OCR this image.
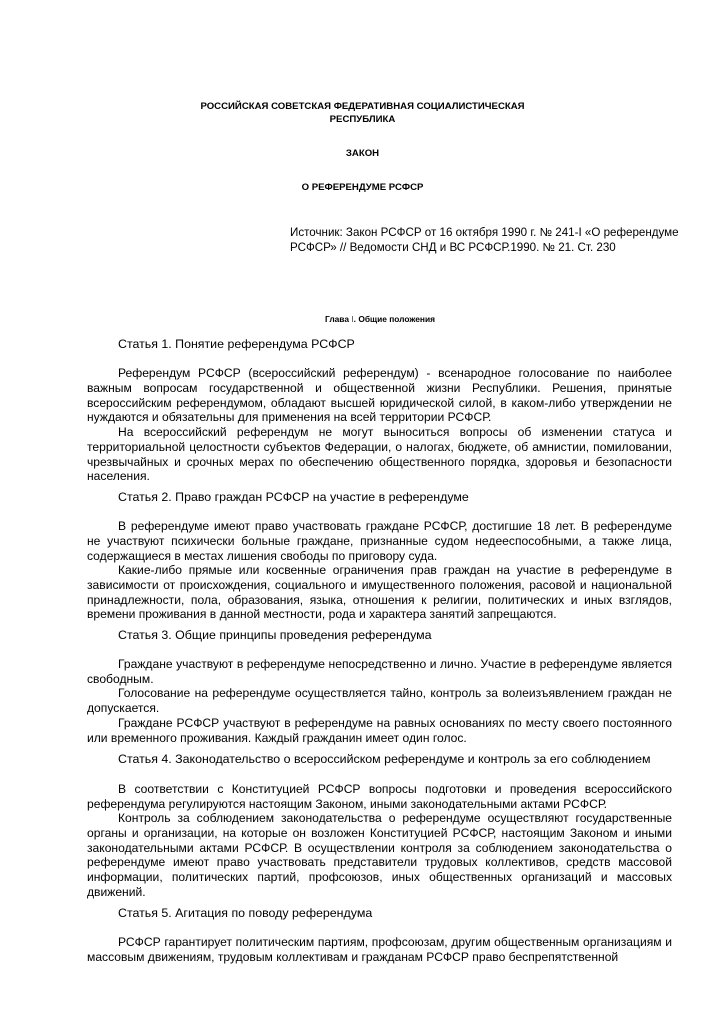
РОССИЙСКАЯ СОВЕТСКАЯ ФЕДЕРАТИВНАЯ СОЦИАЛИСТИЧЕСКАЯ
РЕСПУБЛИКА
ЗАКОН
О РЕФЕРЕНДУМЕ РСФСР
Источник: Закон РСФСР от 16 октября 1990 г. № 241-I «О референдуме РСФСР» // Ведомости СНД и ВС РСФСР.1990. № 21. Ст. 230
Глава I. Общие положения
Статья 1. Понятие референдума РСФСР
Референдум РСФСР (всероссийский референдум) - всенародное голосование по наиболее важным вопросам государственной и общественной жизни Республики. Решения, принятые всероссийским референдумом, обладают высшей юридической силой, в каком-либо утверждении не нуждаются и обязательны для применения на всей территории РСФСР.
На всероссийский референдум не могут выноситься вопросы об изменении статуса и территориальной целостности субъектов Федерации, о налогах, бюджете, об амнистии, помиловании, чрезвычайных и срочных мерах по обеспечению общественного порядка, здоровья и безопасности населения.
Статья 2. Право граждан РСФСР на участие в референдуме
В референдуме имеют право участвовать граждане РСФСР, достигшие 18 лет. В референдуме не участвуют психически больные граждане, признанные судом недееспособными, а также лица, содержащиеся в местах лишения свободы по приговору суда.
Какие-либо прямые или косвенные ограничения прав граждан на участие в референдуме в зависимости от происхождения, социального и имущественного положения, расовой и национальной принадлежности, пола, образования, языка, отношения к религии, политических и иных взглядов, времени проживания в данной местности, рода и характера занятий запрещаются.
Статья 3. Общие принципы проведения референдума
Граждане участвуют в референдуме непосредственно и лично. Участие в референдуме является свободным.
Голосование на референдуме осуществляется тайно, контроль за волеизъявлением граждан не допускается.
Граждане РСФСР участвуют в референдуме на равных основаниях по месту своего постоянного или временного проживания. Каждый гражданин имеет один голос.
Статья 4. Законодательство о всероссийском референдуме и контроль за его соблюдением
В соответствии с Конституцией РСФСР вопросы подготовки и проведения всероссийского референдума регулируются настоящим Законом, иными законодательными актами РСФСР.
Контроль за соблюдением законодательства о референдуме осуществляют государственные органы и организации, на которые он возложен Конституцией РСФСР, настоящим Законом и иными законодательными актами РСФСР. В осуществлении контроля за соблюдением законодательства о референдуме имеют право участвовать представители трудовых коллективов, средств массовой информации, политических партий, профсоюзов, иных общественных организаций и массовых движений.
Статья 5. Агитация по поводу референдума
РСФСР гарантирует политическим партиям, профсоюзам, другим общественным организациям и массовым движениям, трудовым коллективам и гражданам РСФСР право беспрепятственной
